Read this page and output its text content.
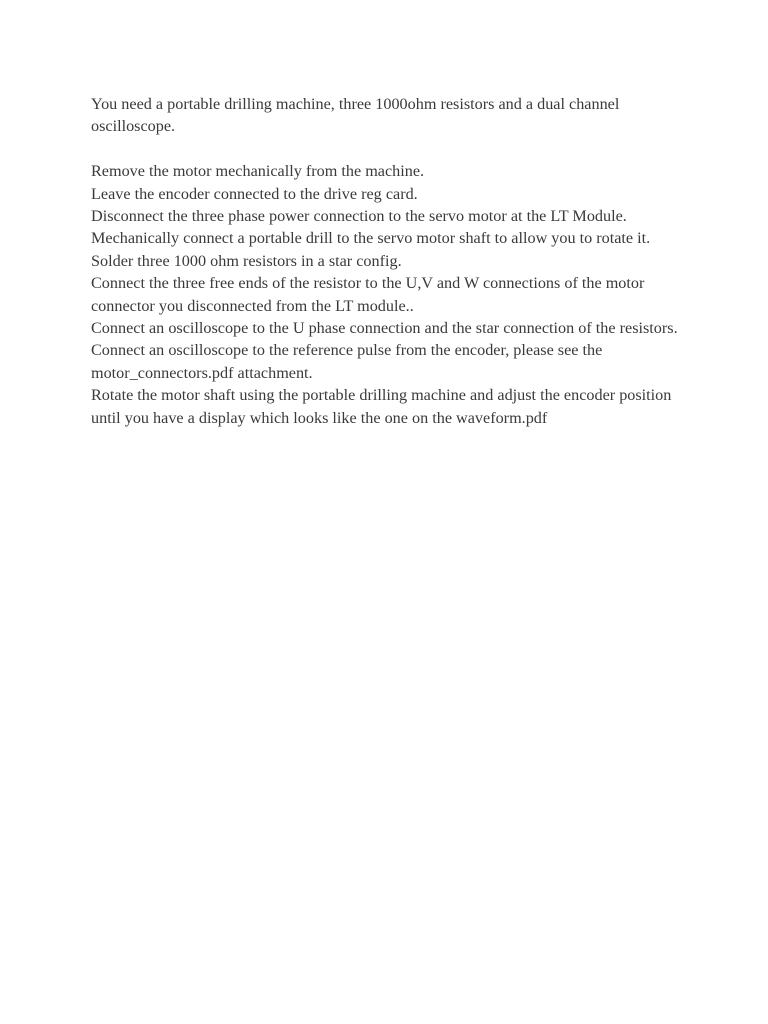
You need a portable drilling machine, three 1000ohm resistors and a dual channel oscilloscope.

Remove the motor mechanically from the machine.
Leave the encoder connected to the drive reg card.
Disconnect the three phase power connection to the servo motor at the LT Module.
Mechanically connect a portable drill to the servo motor shaft to allow you to rotate it.
Solder three 1000 ohm resistors in a star config.
Connect the three free ends of the resistor to the U,V and W connections of the motor connector you disconnected from the LT module..
Connect an oscilloscope to the U phase connection and the star connection of the resistors.
Connect an oscilloscope to the reference pulse from the encoder, please see the motor_connectors.pdf attachment.
Rotate the motor shaft using the portable drilling machine and adjust the encoder position until you have a display which looks like the one on the waveform.pdf
